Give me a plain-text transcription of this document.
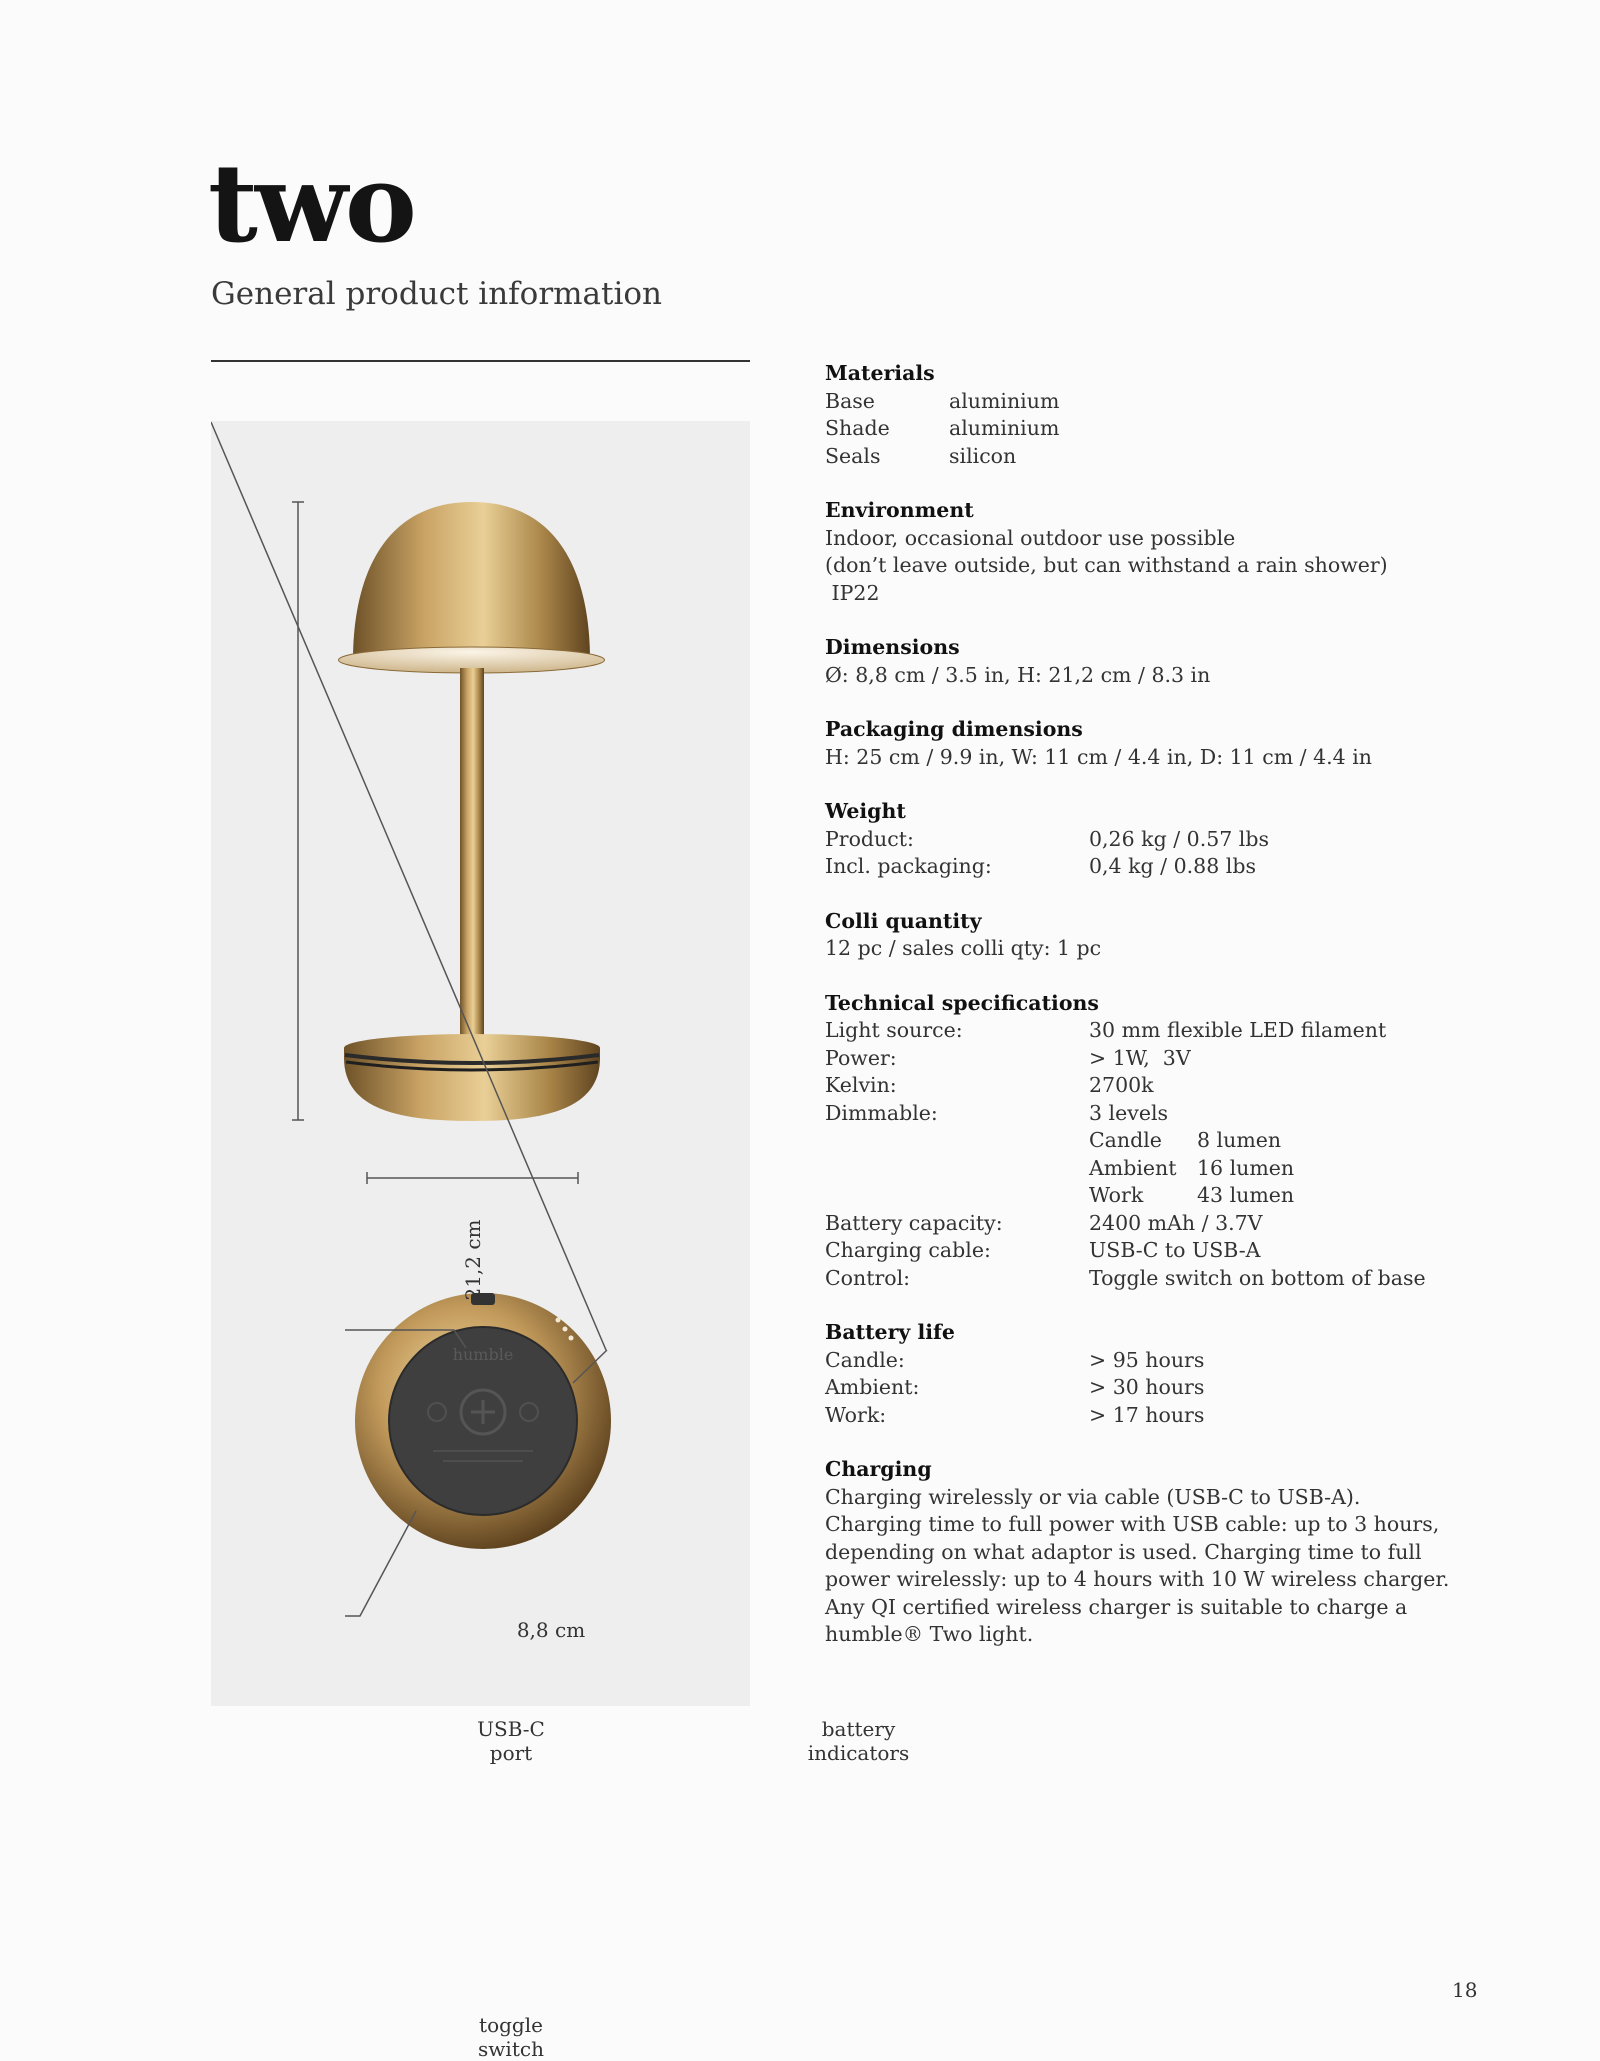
two
General product information
humble
21,2 cm
8,8 cm
USB-C port
battery indicators
toggle switch
Materials
Base	aluminium
Shade	aluminium
Seals	silicon
Environment

Indoor, occasional outdoor use possible

(don’t leave outside, but can withstand a rain shower)

IP22

Dimensions

Ø: 8,8 cm / 3.5 in, H: 21,2 cm / 8.3 in

Packaging dimensions

H: 25 cm / 9.9 in, W: 11 cm / 4.4 in, D: 11 cm / 4.4 in

Weight
Product:	0,26 kg / 0.57 lbs
Incl. packaging:	0,4 kg / 0.88 lbs
Colli quantity

12 pc / sales colli qty: 1 pc

Technical specifications
Light source:	30 mm flexible LED filament
Power:	> 1W,  3V
Kelvin:	2700k
Dimmable:	3 levels
Candle	8 lumen
Ambient	16 lumen
Work	43 lumen
Battery capacity:	2400 mAh / 3.7V
Charging cable:	USB-C to USB-A
Control:	Toggle switch on bottom of base
Battery life
Candle:	> 95 hours
Ambient:	> 30 hours
Work:	> 17 hours
Charging

Charging wirelessly or via cable (USB-C to USB-A).

Charging time to full power with USB cable: up to 3 hours,

depending on what adaptor is used. Charging time to full

power wirelessly: up to 4 hours with 10 W wireless charger.

Any QI certified wireless charger is suitable to charge a

humble® Two light.

18
